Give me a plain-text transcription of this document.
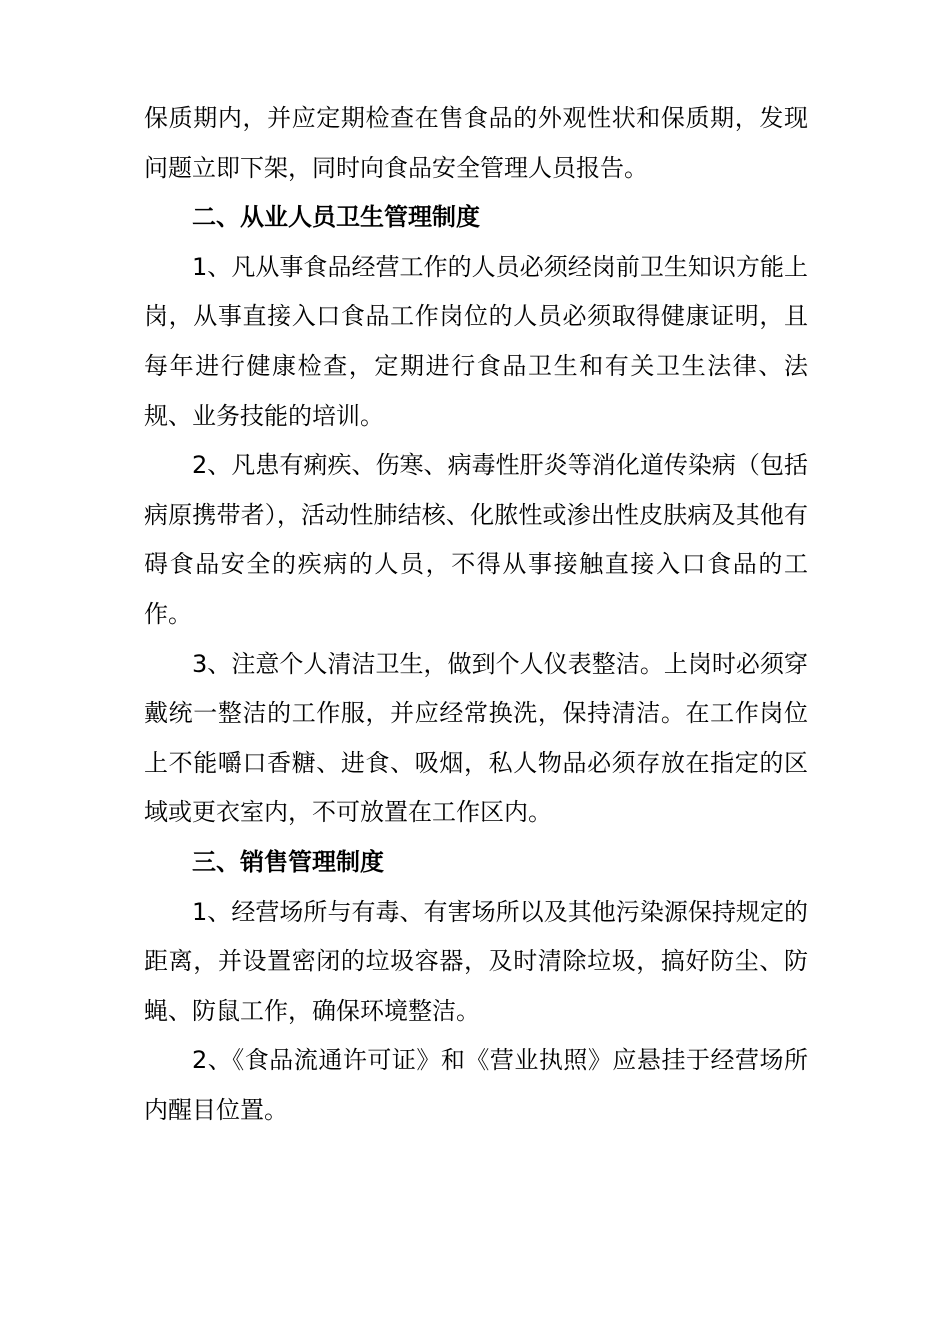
保质期内，并应定期检查在售食品的外观性状和保质期，发现问题立即下架，同时向食品安全管理人员报告。

二、从业人员卫生管理制度

1、凡从事食品经营工作的人员必须经岗前卫生知识方能上岗，从事直接入口食品工作岗位的人员必须取得健康证明，且每年进行健康检查，定期进行食品卫生和有关卫生法律、法规、业务技能的培训。

2、凡患有痢疾、伤寒、病毒性肝炎等消化道传染病（包括病原携带者），活动性肺结核、化脓性或渗出性皮肤病及其他有碍食品安全的疾病的人员，不得从事接触直接入口食品的工作。

3、注意个人清洁卫生，做到个人仪表整洁。上岗时必须穿戴统一整洁的工作服，并应经常换洗，保持清洁。在工作岗位上不能嚼口香糖、进食、吸烟，私人物品必须存放在指定的区域或更衣室内，不可放置在工作区内。

三、销售管理制度

1、经营场所与有毒、有害场所以及其他污染源保持规定的距离，并设置密闭的垃圾容器，及时清除垃圾，搞好防尘、防蝇、防鼠工作，确保环境整洁。

2、《食品流通许可证》和《营业执照》应悬挂于经营场所内醒目位置。
